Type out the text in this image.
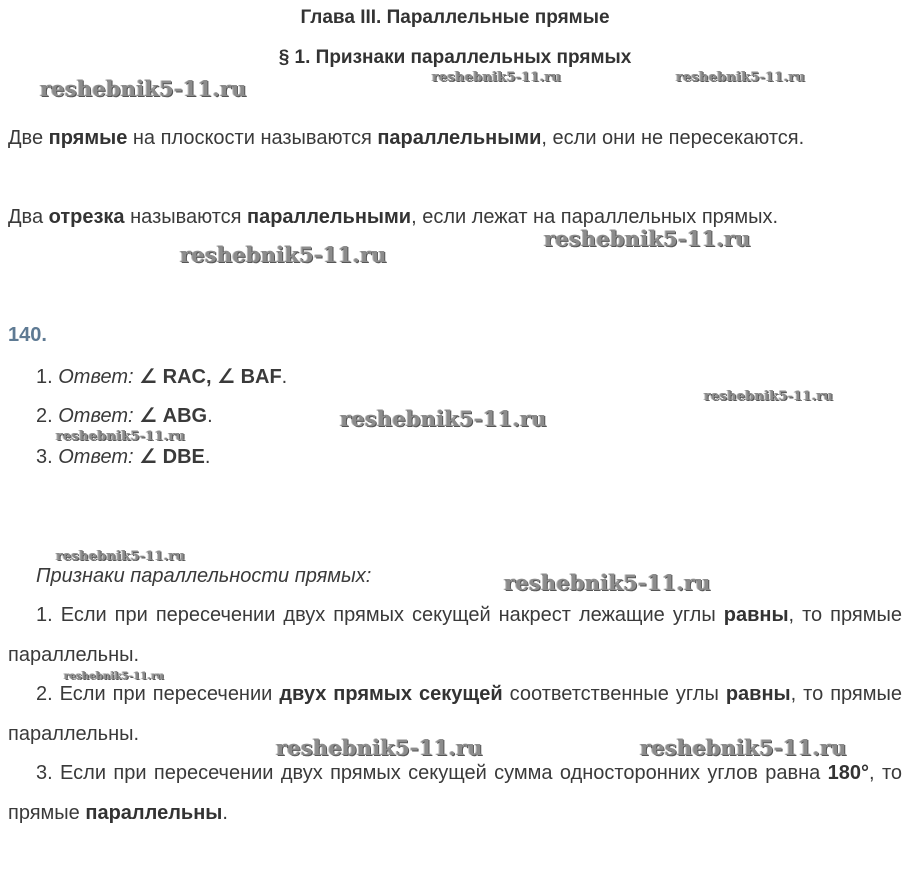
Глава III. Параллельные прямые
§ 1. Признаки параллельных прямых
Две прямые на плоскости называются параллельными, если они не пересекаются.
Два отрезка называются параллельными, если лежат на параллельных прямых.
140.
1. Ответ: ∠ RAC, ∠ BAF.
2. Ответ: ∠ ABG.
3. Ответ: ∠ DBE.
Признаки параллельности прямых:
1. Если при пересечении двух прямых секущей накрест лежащие углы равны, то прямые параллельны.
2. Если при пересечении двух прямых секущей соответственные углы равны, то прямые параллельны.
3. Если при пересечении двух прямых секущей сумма односторонних углов равна 180°, то прямые параллельны.
reshebnik5-11.ru	reshebnik5-11.ru	reshebnik5-11.ru
reshebnik5-11.ru
reshebnik5-11.ru
reshebnik5-11.ru
reshebnik5-11.ru
reshebnik5-11.ru
reshebnik5-11.ru
reshebnik5-11.ru
reshebnik5-11.ru
reshebnik5-11.ru	reshebnik5-11.ru
